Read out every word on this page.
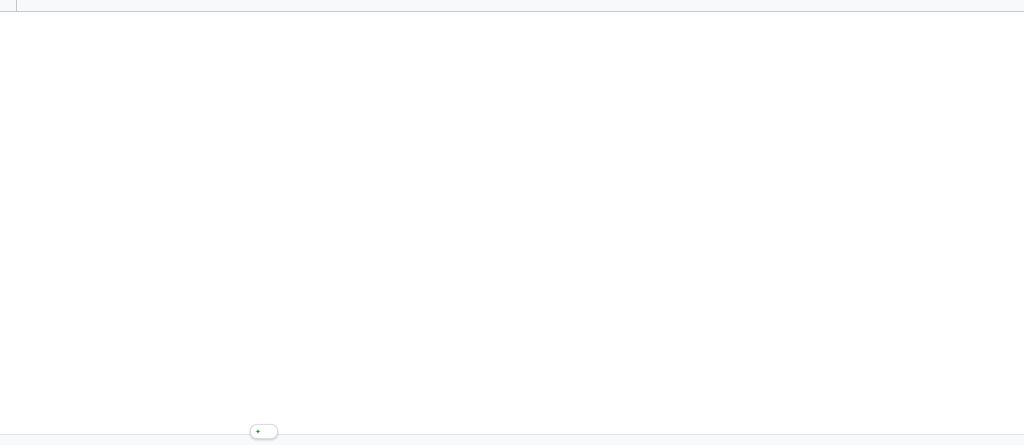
✦
